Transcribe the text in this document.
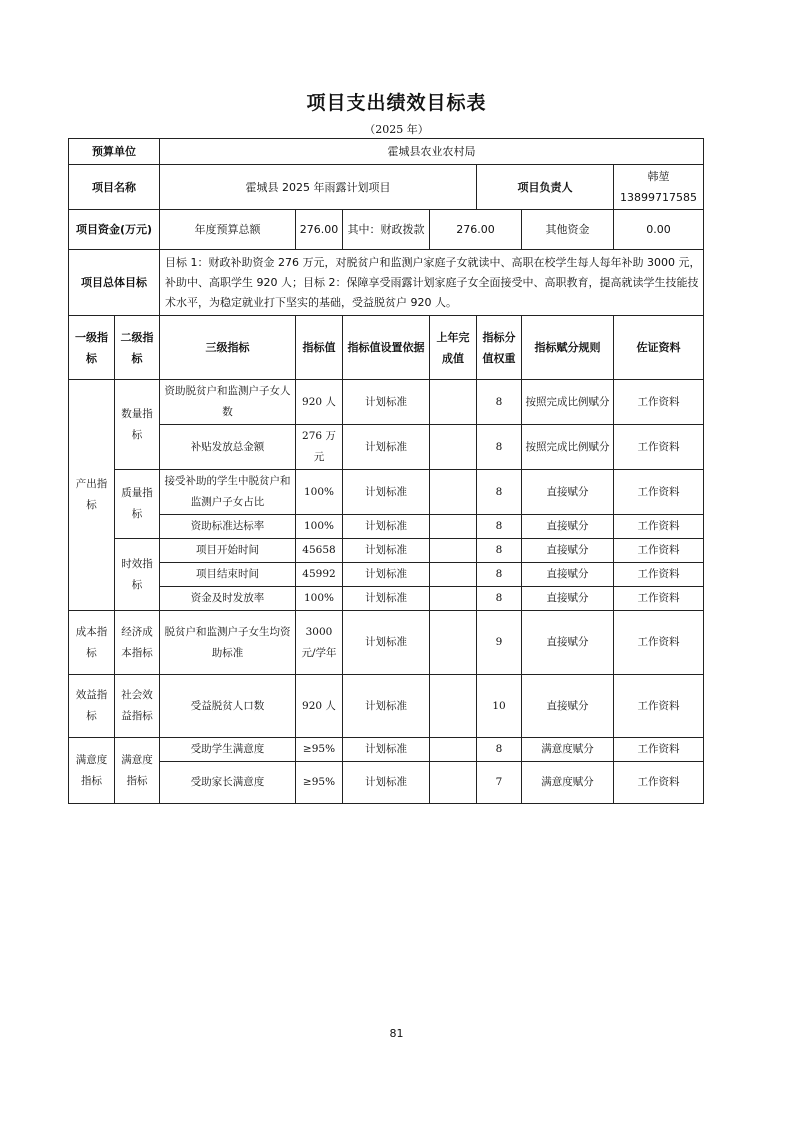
项目支出绩效目标表
（2025 年）
预算单位		霍城县农业农村局						
项目名称		霍城县 2025 年雨露计划项目				项目负责人		韩堃
13899717585
项目资金(万元)		年度预算总额	276.00	其中：财政拨款	276.00		其他资金	0.00
项目总体目标		目标 1：财政补助资金 276 万元，对脱贫户和监测户家庭子女就读中、高职在校学生每人每年补助 3000 元，补助中、高职学生 920 人；目标 2：保障享受雨露计划家庭子女全面接受中、高职教育，提高就读学生技能技术水平，为稳定就业打下坚实的基础，受益脱贫户 920 人。						
一级指标	二级指标	三级指标	指标值	指标值设置依据	上年完成值	指标分值权重	指标赋分规则	佐证资料
产出指标	数量指标	资助脱贫户和监测户子女人数	920 人	计划标准		8	按照完成比例赋分	工作资料
		补贴发放总金额	276 万元	计划标准		8	按照完成比例赋分	工作资料
	质量指标	接受补助的学生中脱贫户和监测户子女占比	100%	计划标准		8	直接赋分	工作资料
		资助标准达标率	100%	计划标准		8	直接赋分	工作资料
	时效指标	项目开始时间	45658	计划标准		8	直接赋分	工作资料
		项目结束时间	45992	计划标准		8	直接赋分	工作资料
		资金及时发放率	100%	计划标准		8	直接赋分	工作资料
成本指标	经济成本指标	脱贫户和监测户子女生均资助标准	3000 元/学年	计划标准		9	直接赋分	工作资料
效益指标	社会效益指标	受益脱贫人口数	920 人	计划标准		10	直接赋分	工作资料
满意度指标	满意度指标	受助学生满意度	≥95%	计划标准		8	满意度赋分	工作资料
		受助家长满意度	≥95%	计划标准		7	满意度赋分	工作资料
81
